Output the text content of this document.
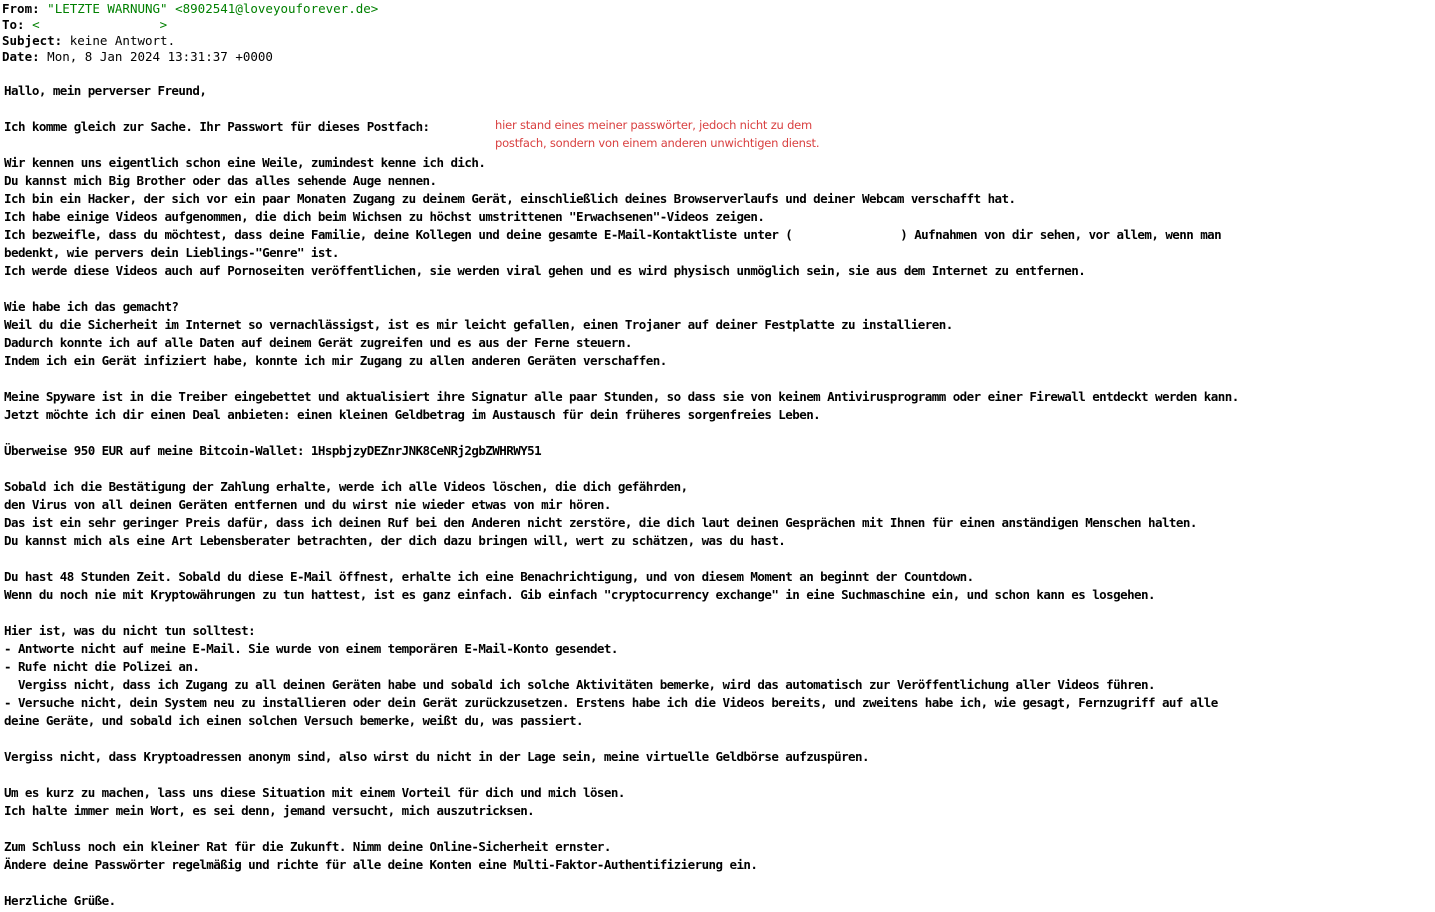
From: "LETZTE WARNUNG" <8902541@loveyouforever.de>
To: <	>
Subject: keine Antwort.
Date: Mon, 8 Jan 2024 13:31:37 +0000
hier stand eines meiner passwörter, jedoch nicht zu dem postfach, sondern von einem anderen unwichtigen dienst.
Hallo, mein perverser Freund,
Ich komme gleich zur Sache. Ihr Passwort für dieses Postfach:
Wir kennen uns eigentlich schon eine Weile, zumindest kenne ich dich.
Du kannst mich Big Brother oder das alles sehende Auge nennen.
Ich bin ein Hacker, der sich vor ein paar Monaten Zugang zu deinem Gerät, einschließlich deines Browserverlaufs und deiner Webcam verschafft hat.
Ich habe einige Videos aufgenommen, die dich beim Wichsen zu höchst umstrittenen "Erwachsenen"-Videos zeigen.
Ich bezweifle, dass du möchtest, dass deine Familie, deine Kollegen und deine gesamte E-Mail-Kontaktliste unter (	) Aufnahmen von dir sehen, vor allem, wenn man
bedenkt, wie pervers dein Lieblings-"Genre" ist.
Ich werde diese Videos auch auf Pornoseiten veröffentlichen, sie werden viral gehen und es wird physisch unmöglich sein, sie aus dem Internet zu entfernen.
Wie habe ich das gemacht?
Weil du die Sicherheit im Internet so vernachlässigst, ist es mir leicht gefallen, einen Trojaner auf deiner Festplatte zu installieren.
Dadurch konnte ich auf alle Daten auf deinem Gerät zugreifen und es aus der Ferne steuern.
Indem ich ein Gerät infiziert habe, konnte ich mir Zugang zu allen anderen Geräten verschaffen.
Meine Spyware ist in die Treiber eingebettet und aktualisiert ihre Signatur alle paar Stunden, so dass sie von keinem Antivirusprogramm oder einer Firewall entdeckt werden kann.
Jetzt möchte ich dir einen Deal anbieten: einen kleinen Geldbetrag im Austausch für dein früheres sorgenfreies Leben.
Überweise 950 EUR auf meine Bitcoin-Wallet: 1HspbjzyDEZnrJNK8CeNRj2gbZWHRWY51
Sobald ich die Bestätigung der Zahlung erhalte, werde ich alle Videos löschen, die dich gefährden,
den Virus von all deinen Geräten entfernen und du wirst nie wieder etwas von mir hören.
Das ist ein sehr geringer Preis dafür, dass ich deinen Ruf bei den Anderen nicht zerstöre, die dich laut deinen Gesprächen mit Ihnen für einen anständigen Menschen halten.
Du kannst mich als eine Art Lebensberater betrachten, der dich dazu bringen will, wert zu schätzen, was du hast.
Du hast 48 Stunden Zeit. Sobald du diese E-Mail öffnest, erhalte ich eine Benachrichtigung, und von diesem Moment an beginnt der Countdown.
Wenn du noch nie mit Kryptowährungen zu tun hattest, ist es ganz einfach. Gib einfach "cryptocurrency exchange" in eine Suchmaschine ein, und schon kann es losgehen.
Hier ist, was du nicht tun solltest:
- Antworte nicht auf meine E-Mail. Sie wurde von einem temporären E-Mail-Konto gesendet.
- Rufe nicht die Polizei an.
Vergiss nicht, dass ich Zugang zu all deinen Geräten habe und sobald ich solche Aktivitäten bemerke, wird das automatisch zur Veröffentlichung aller Videos führen.
- Versuche nicht, dein System neu zu installieren oder dein Gerät zurückzusetzen. Erstens habe ich die Videos bereits, und zweitens habe ich, wie gesagt, Fernzugriff auf alle
deine Geräte, und sobald ich einen solchen Versuch bemerke, weißt du, was passiert.
Vergiss nicht, dass Kryptoadressen anonym sind, also wirst du nicht in der Lage sein, meine virtuelle Geldbörse aufzuspüren.
Um es kurz zu machen, lass uns diese Situation mit einem Vorteil für dich und mich lösen.
Ich halte immer mein Wort, es sei denn, jemand versucht, mich auszutricksen.
Zum Schluss noch ein kleiner Rat für die Zukunft. Nimm deine Online-Sicherheit ernster.
Ändere deine Passwörter regelmäßig und richte für alle deine Konten eine Multi-Faktor-Authentifizierung ein.
Herzliche Grüße.
